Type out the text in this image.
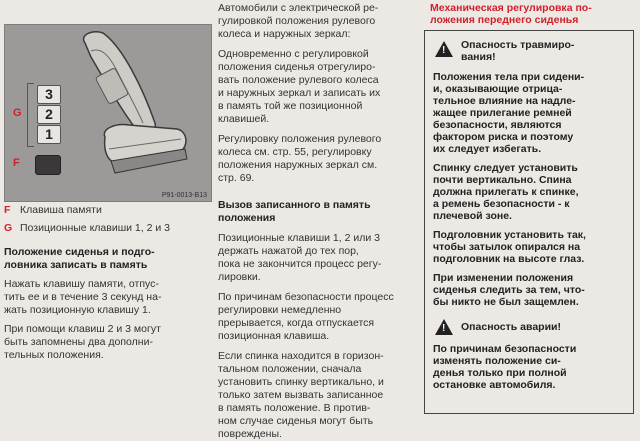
G
3
2
1
F
P91-0013-B13
F Клавиша памяти
G Позиционные клавиши 1, 2 и 3

Положение сиденья и подго-

ловника записать в память

Нажать клавишу памяти, отпус-

тить ее и в течение 3 секунд на-

жать позиционную клавишу 1.

При помощи клавиш 2 и 3 могут

быть запомнены два дополни-

тельных положения.

Автомобили с электрической ре-

гулировкой положения рулевого

колеса и наружных зеркал:

Одновременно с регулировкой

положения сиденья отрегулиро-

вать положение рулевого колеса

и наружных зеркал и записать их

в память той же позиционной

клавишей.

Регулировку положения рулевого

колеса см. стр. 55, регулировку

положения наружных зеркал см.

стр. 69.

Вызов записанного в память

положения

Позиционные клавиши 1, 2 или 3

держать нажатой до тех пор,

пока не закончится процесс регу-

лировки.

По причинам безопасности процесс

регулировки немедленно

прерывается, когда отпускается

позиционная клавиша.

Если спинка находится в горизон-

тальном положении, сначала

установить спинку вертикально, и

только затем вызвать записанное

в память положение. В против-

ном случае сиденья могут быть

повреждены.

Механическая регулировка по-
ложения переднего сиденья
!
Опасность травмиро-
вания!
Положения тела при сидени-
и, оказывающие отрица-
тельное влияние на надле-
жащее прилегание ремней
безопасности, являются
фактором риска и поэтому
их следует избегать.
Спинку следует установить
почти вертикально. Спина
должна прилегать к спинке,
а ремень безопасности - к
плечевой зоне.
Подголовник установить так,
чтобы затылок опирался на
подголовник на высоте глаз.
При изменении положения
сиденья следить за тем, что-
бы никто не был защемлен.
!
Опасность аварии!
По причинам безопасности
изменять положение си-
денья только при полной
остановке автомобиля.
